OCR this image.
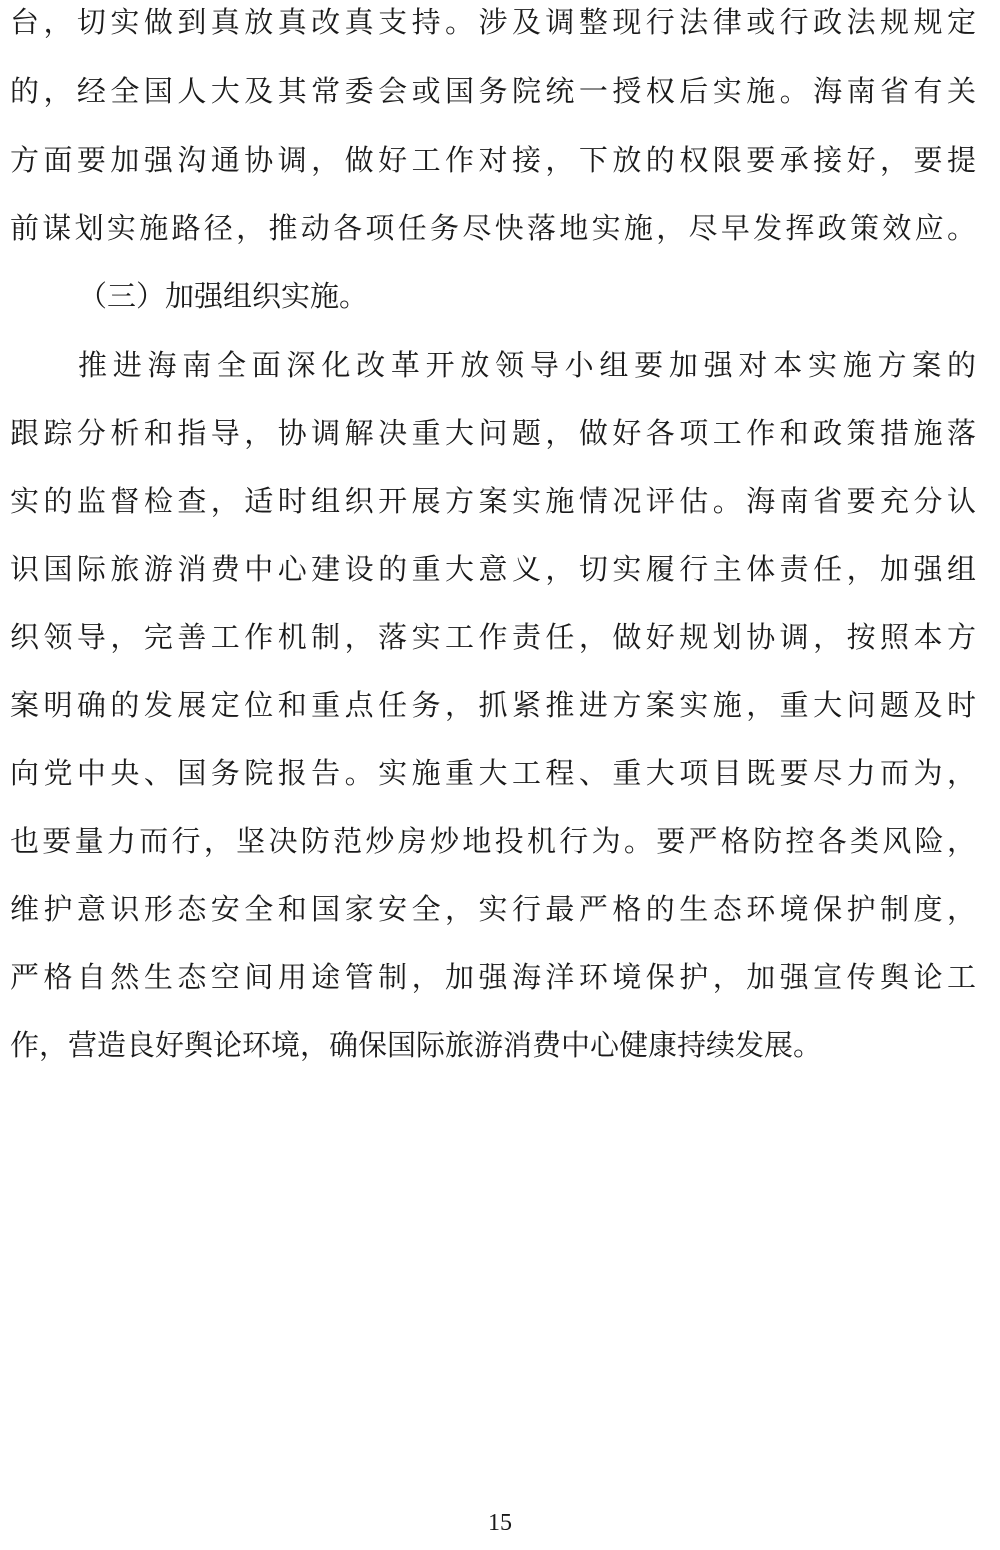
台，切实做到真放真改真支持。涉及调整现行法律或行政法规规定
的，经全国人大及其常委会或国务院统一授权后实施。海南省有关
方面要加强沟通协调，做好工作对接，下放的权限要承接好，要提
前谋划实施路径，推动各项任务尽快落地实施，尽早发挥政策效应。
（三）加强组织实施。
推进海南全面深化改革开放领导小组要加强对本实施方案的
跟踪分析和指导，协调解决重大问题，做好各项工作和政策措施落
实的监督检查，适时组织开展方案实施情况评估。海南省要充分认
识国际旅游消费中心建设的重大意义，切实履行主体责任，加强组
织领导，完善工作机制，落实工作责任，做好规划协调，按照本方
案明确的发展定位和重点任务，抓紧推进方案实施，重大问题及时
向党中央、国务院报告。实施重大工程、重大项目既要尽力而为，
也要量力而行，坚决防范炒房炒地投机行为。要严格防控各类风险，
维护意识形态安全和国家安全，实行最严格的生态环境保护制度，
严格自然生态空间用途管制，加强海洋环境保护，加强宣传舆论工
作，营造良好舆论环境，确保国际旅游消费中心健康持续发展。
15
